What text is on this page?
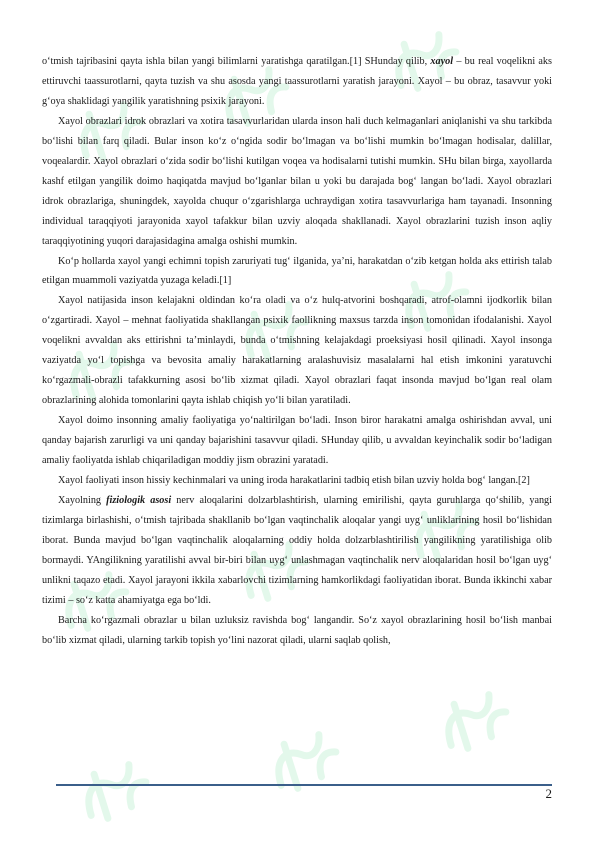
o‘tmish tajribasini qayta ishla bilan yangi bilimlarni yaratishga qaratilgan.[1] SHunday qilib, xayol – bu real voqelikni aks ettiruvchi taassurotlarni, qayta tuzish va shu asosda yangi taassurotlarni yaratish jarayoni. Xayol – bu obraz, tasavvur yoki g‘oya shaklidagi yangilik yaratishning psixik jarayoni.

Xayol obrazlari idrok obrazlari va xotira tasavvurlaridan ularda inson hali duch kelmaganlari aniqlanishi va shu tarkibda bo‘lishi bilan farq qiladi. Bular inson ko‘z o‘ngida sodir bo‘lmagan va bo‘lishi mumkin bo‘lmagan hodisalar, dalillar, voqealardir. Xayol obrazlari o‘zida sodir bo‘lishi kutilgan voqea va hodisalarni tutishi mumkin. SHu bilan birga, xayollarda kashf etilgan yangilik doimo haqiqatda mavjud bo‘lganlar bilan u yoki bu darajada bog‘ langan bo‘ladi. Xayol obrazlari idrok obrazlariga, shuningdek, xayolda chuqur o‘zgarishlarga uchraydigan xotira tasavvurlariga ham tayanadi. Insonning individual taraqqiyoti jarayonida xayol tafakkur bilan uzviy aloqada shakllanadi. Xayol obrazlarini tuzish inson aqliy taraqqiyotining yuqori darajasidagina amalga oshishi mumkin.

Ko‘p hollarda xayol yangi echimni topish zaruriyati tug‘ ilganida, ya’ni, harakatdan o‘zib ketgan holda aks ettirish talab etilgan muammoli vaziyatda yuzaga keladi.[1]

Xayol natijasida inson kelajakni oldindan ko‘ra oladi va o‘z hulq-atvorini boshqaradi, atrof-olamni ijodkorlik bilan o‘zgartiradi. Xayol – mehnat faoliyatida shakllangan psixik faollikning maxsus tarzda inson tomonidan ifodalanishi. Xayol voqelikni avvaldan aks ettirishni ta’minlaydi, bunda o‘tmishning kelajakdagi proeksiyasi hosil qilinadi. Xayol insonga vaziyatda yo‘l topishga va bevosita amaliy harakatlarning aralashuvisiz masalalarni hal etish imkonini yaratuvchi ko‘rgazmali-obrazli tafakkurning asosi bo‘lib xizmat qiladi. Xayol obrazlari faqat insonda mavjud bo‘lgan real olam obrazlarining alohida tomonlarini qayta ishlab chiqish yo‘li bilan yaratiladi.

Xayol doimo insonning amaliy faoliyatiga yo‘naltirilgan bo‘ladi. Inson biror harakatni amalga oshirishdan avval, uni qanday bajarish zarurligi va uni qanday bajarishini tasavvur qiladi. SHunday qilib, u avvaldan keyinchalik sodir bo‘ladigan amaliy faoliyatda ishlab chiqariladigan moddiy jism obrazini yaratadi.

Xayol faoliyati inson hissiy kechinmalari va uning iroda harakatlarini tadbiq etish bilan uzviy holda bog‘ langan.[2]

Xayolning fiziologik asosi nerv aloqalarini dolzarblashtirish, ularning emirilishi, qayta guruhlarga qo‘shilib, yangi tizimlarga birlashishi, o‘tmish tajribada shakllanib bo‘lgan vaqtinchalik aloqalar yangi uyg‘ unliklarining hosil bo‘lishidan iborat. Bunda mavjud bo‘lgan vaqtinchalik aloqalarning oddiy holda dolzarblashtirilish yangilikning yaratilishiga olib bormaydi. YAngilikning yaratilishi avval bir-biri bilan uyg‘ unlashmagan vaqtinchalik nerv aloqalaridan hosil bo‘lgan uyg‘ unlikni taqazo etadi. Xayol jarayoni ikkila xabarlovchi tizimlarning hamkorlikdagi faoliyatidan iborat. Bunda ikkinchi xabar tizimi – so‘z katta ahamiyatga ega bo‘ldi.

Barcha ko‘rgazmali obrazlar u bilan uzluksiz ravishda bog‘ langandir. So‘z xayol obrazlarining hosil bo‘lish manbai bo‘lib xizmat qiladi, ularning tarkib topish yo‘lini nazorat qiladi, ularni saqlab qolish,

2
